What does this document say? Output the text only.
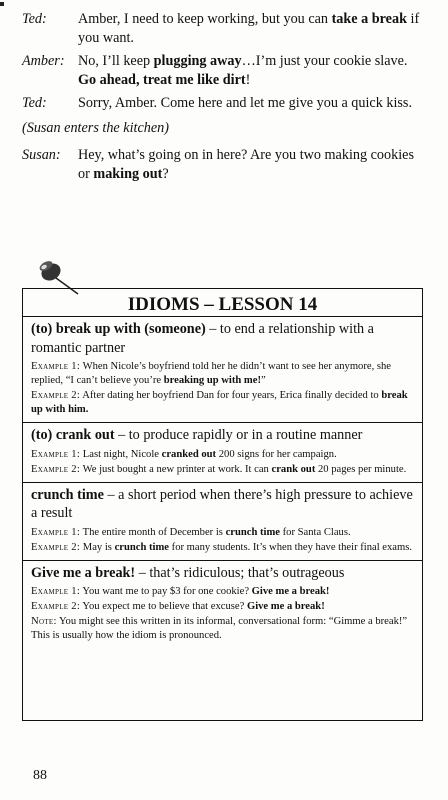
Ted:	Amber, I need to keep working, but you can take a break if you want.
Amber: No, I’ll keep plugging away…I’m just your cookie slave. Go ahead, treat me like dirt!
Ted:	Sorry, Amber. Come here and let me give you a quick kiss.
(Susan enters the kitchen)
Susan:	Hey, what’s going on in here? Are you two making cookies or making out?
IDIOMS – LESSON 14
(to) break up with (someone) – to end a relationship with a romantic partner
Example 1: When Nicole’s boyfriend told her he didn’t want to see her anymore, she replied, “I can’t believe you’re breaking up with me!”
Example 2: After dating her boyfriend Dan for four years, Erica finally decided to break up with him.
(to) crank out – to produce rapidly or in a routine manner
Example 1: Last night, Nicole cranked out 200 signs for her campaign.
Example 2: We just bought a new printer at work. It can crank out 20 pages per minute.
crunch time – a short period when there’s high pressure to achieve a result
Example 1: The entire month of December is crunch time for Santa Claus.
Example 2: May is crunch time for many students. It’s when they have their final exams.
Give me a break! – that’s ridiculous; that’s outrageous
Example 1: You want me to pay $3 for one cookie? Give me a break!
Example 2: You expect me to believe that excuse? Give me a break!
Note: You might see this written in its informal, conversational form: “Gimme a break!” This is usually how the idiom is pronounced.
88
